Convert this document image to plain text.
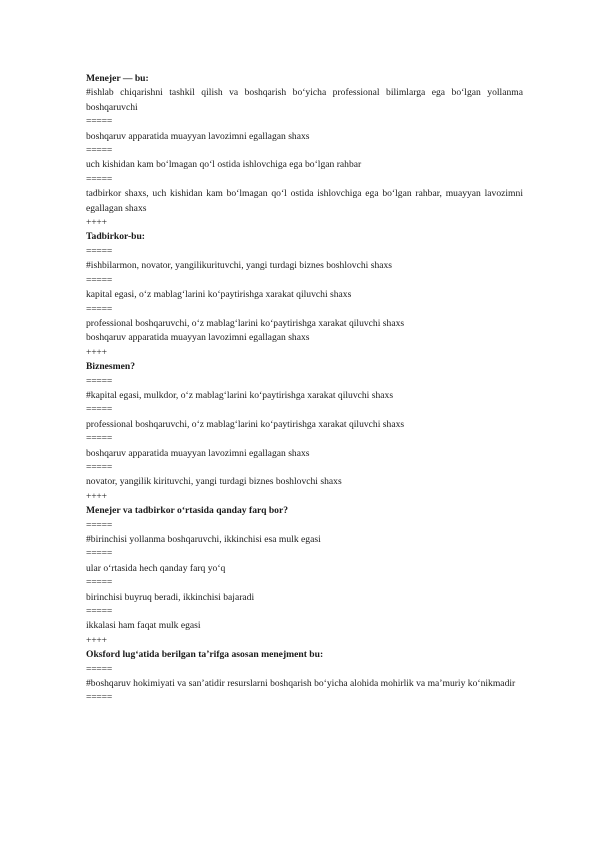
Menejer — bu:
#ishlab chiqarishni tashkil qilish va boshqarish bo‘yicha professional bilimlarga ega bo‘lgan yollanma boshqaruvchi
=====
boshqaruv apparatida muayyan lavozimni egallagan shaxs
=====
uch kishidan kam bo‘lmagan qo‘l ostida ishlovchiga ega bo‘lgan rahbar
=====
tadbirkor shaxs, uch kishidan kam bo‘lmagan qo‘l ostida ishlovchiga ega bo‘lgan rahbar, muayyan lavozimni egallagan shaxs
++++
Tadbirkor-bu:
=====
#ishbilarmon, novator, yangilikurituvchi, yangi turdagi biznes boshlovchi shaxs
=====
kapital egasi, o‘z mablag‘larini ko‘paytirishga xarakat qiluvchi shaxs
=====
professional boshqaruvchi, o‘z mablag‘larini ko‘paytirishga xarakat qiluvchi shaxs
boshqaruv apparatida muayyan lavozimni egallagan shaxs
++++
Biznesmen?
=====
#kapital egasi, mulkdor, o‘z mablag‘larini ko‘paytirishga xarakat qiluvchi shaxs
=====
professional boshqaruvchi, o‘z mablag‘larini ko‘paytirishga xarakat qiluvchi shaxs
=====
boshqaruv apparatida muayyan lavozimni egallagan shaxs
=====
novator, yangilik kirituvchi, yangi turdagi biznes boshlovchi shaxs
++++
Menejer va tadbirkor o‘rtasida qanday farq bor?
=====
#birinchisi yollanma boshqaruvchi, ikkinchisi esa mulk egasi
=====
ular o‘rtasida hech qanday farq yo‘q
=====
birinchisi buyruq beradi, ikkinchisi bajaradi
=====
ikkalasi ham faqat mulk egasi
++++
Oksford lug‘atida berilgan ta’rifga asosan menejment bu:
=====
#boshqaruv hokimiyati va san’atidir resurslarni boshqarish bo‘yicha alohida mohirlik va ma’muriy ko‘nikmadir
=====
